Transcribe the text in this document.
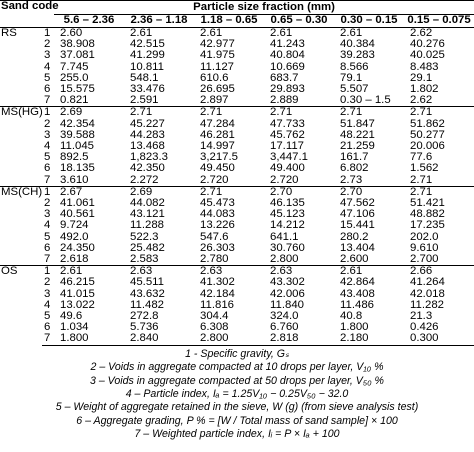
Sand code		Particle size fraction (mm)					
		5.6 – 2.36	2.36 – 1.18	1.18 – 0.65	0.65 – 0.30	0.30 – 0.15	0.15 – 0.075
RS	1	2.60	2.61	2.61	2.61	2.61	2.62
	2	38.908	42.515	42.977	41.243	40.384	40.276
	3	37.081	41.299	41.975	40.804	39.283	40.025
	4	7.745	10.811	11.127	10.669	8.566	8.483
	5	255.0	548.1	610.6	683.7	79.1	29.1
	6	15.575	33.476	26.695	29.893	5.507	1.802
	7	0.821	2.591	2.897	2.889	0.30 – 1.5	2.62
MS(HG)	1	2.69	2.71	2.71	2.71	2.71	2.71
	2	42.354	45.227	47.284	47.733	51.847	51.862
	3	39.588	44.283	46.281	45.762	48.221	50.277
	4	11.045	13.468	14.997	17.117	21.259	20.006
	5	892.5	1,823.3	3,217.5	3,447.1	161.7	77.6
	6	18.135	42.350	49.450	49.400	6.802	1.562
	7	3.610	2.272	2.720	2.720	2.73	2.71
MS(CH)	1	2.67	2.69	2.71	2.70	2.70	2.71
	2	41.061	44.082	45.473	46.135	47.562	51.421
	3	40.561	43.121	44.083	45.123	47.106	48.882
	4	9.724	11.288	13.226	14.212	15.441	17.235
	5	492.0	522.3	547.6	641.1	280.2	202.0
	6	24.350	25.482	26.303	30.760	13.404	9.610
	7	2.618	2.583	2.780	2.800	2.600	2.700
OS	1	2.61	2.63	2.63	2.63	2.61	2.66
	2	46.215	45.511	41.302	43.302	42.864	41.264
	3	41.015	43.632	42.184	42.006	43.408	42.018
	4	13.022	11.482	11.816	11.840	11.486	11.282
	5	49.6	272.8	304.4	324.0	40.8	21.3
	6	1.034	5.736	6.308	6.760	1.800	0.426
	7	1.800	2.840	2.800	2.818	2.180	0.300
1 - Specific gravity, Gₛ
2 – Voids in aggregate compacted at 10 drops per layer, V₁₀ %
3 – Voids in aggregate compacted at 50 drops per layer, V₅₀ %
4 – Particle index, Iₐ = 1.25V₁₀ − 0.25V₅₀ − 32.0
5 – Weight of aggregate retained in the sieve, W (g) (from sieve analysis test)
6 – Aggregate grading, P % = [W / Total mass of sand sample] × 100
7 – Weighted particle index, Iᵢ = P × Iₐ + 100
